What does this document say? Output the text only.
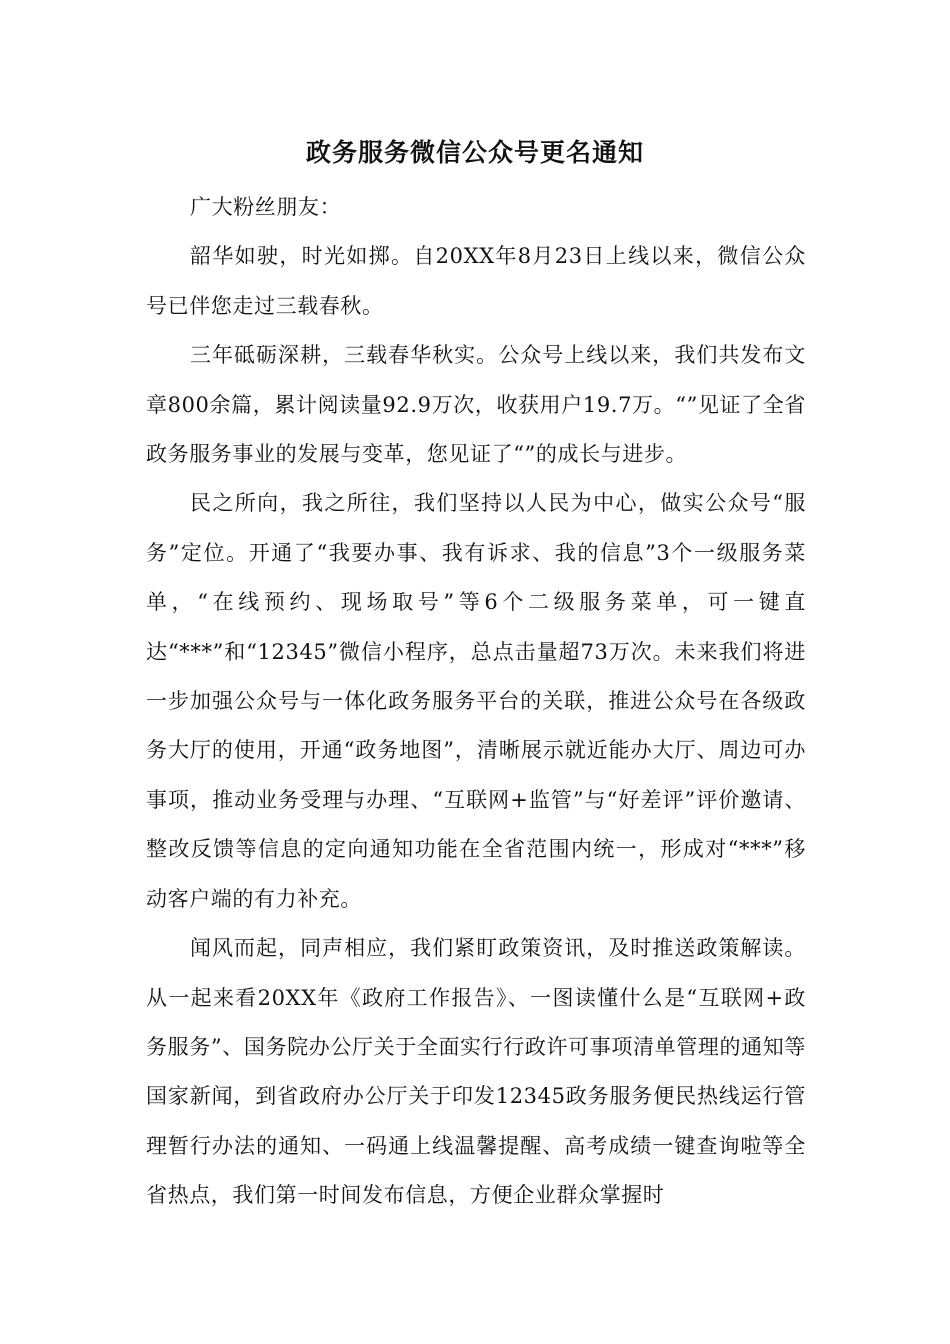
政务服务微信公众号更名通知

广大粉丝朋友：

韶华如驶，时光如掷。自20XX年8月23日上线以来，微信公众号已伴您走过三载春秋。

三年砥砺深耕，三载春华秋实。公众号上线以来，我们共发布文章800余篇，累计阅读量92.9万次，收获用户19.7万。“”见证了全省政务服务事业的发展与变革，您见证了“”的成长与进步。

民之所向，我之所往，我们坚持以人民为中心，做实公众号“服务”定位。开通了“我要办事、我有诉求、我的信息”3个一级服务菜单，“在线预约、现场取号”等6个二级服务菜单，可一键直达“***”和“12345”微信小程序，总点击量超73万次。未来我们将进一步加强公众号与一体化政务服务平台的关联，推进公众号在各级政务大厅的使用，开通“政务地图”，清晰展示就近能办大厅、周边可办事项，推动业务受理与办理、“互联网+监管”与“好差评”评价邀请、整改反馈等信息的定向通知功能在全省范围内统一，形成对“***”移动客户端的有力补充。

闻风而起，同声相应，我们紧盯政策资讯，及时推送政策解读。从一起来看20XX年《政府工作报告》、一图读懂什么是“互联网+政务服务”、国务院办公厅关于全面实行行政许可事项清单管理的通知等国家新闻，到省政府办公厅关于印发12345政务服务便民热线运行管理暂行办法的通知、一码通上线温馨提醒、高考成绩一键查询啦等全省热点，我们第一时间发布信息，方便企业群众掌握时
